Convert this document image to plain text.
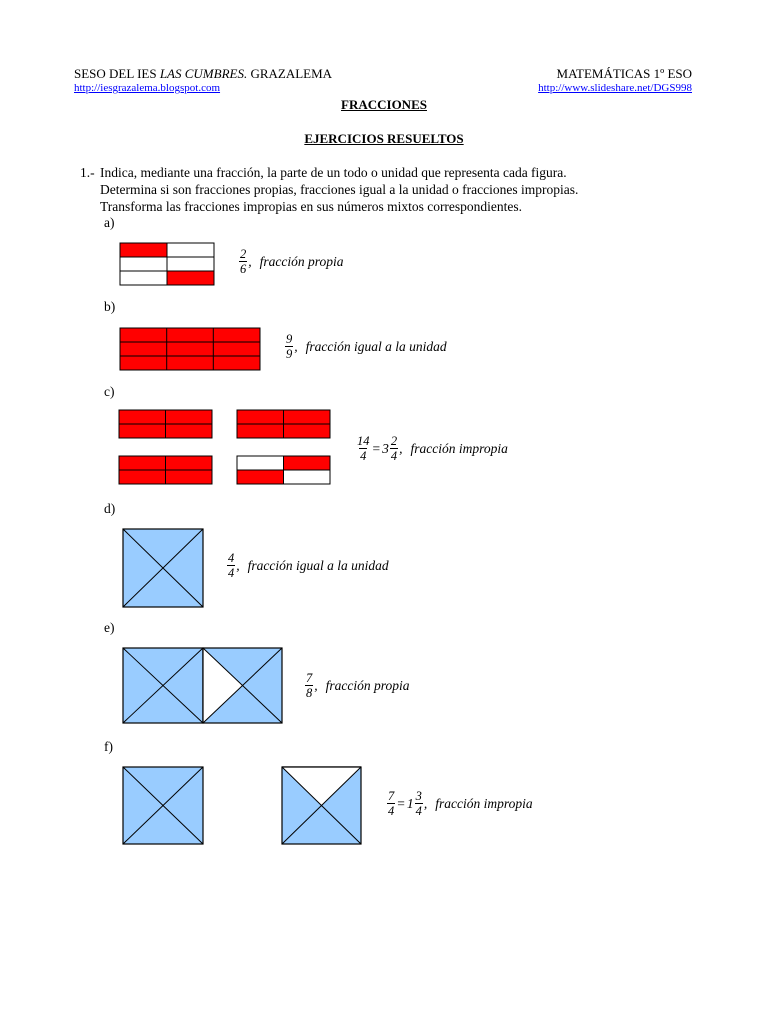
SESO DEL IES LAS CUMBRES. GRAZALEMA	MATEMÁTICAS 1º ESO
http://iesgrazalema.blogspot.com	http://www.slideshare.net/DGS998
FRACCIONES
EJERCICIOS RESUELTOS
1.- Indica, mediante una fracción, la parte de un todo o unidad que representa cada figura.
Determina si son fracciones propias, fracciones igual a la unidad o fracciones impropias.
Transforma las fracciones impropias en sus números mixtos correspondientes.
a)
b)
c)
d)
e)
f)
$\frac{2}{6}$ , fracción propia
$\frac{9}{9}$ , fracción igual a la unidad
$\frac{14}{4} = 3 \frac{2}{4}$ , fracción impropia
$\frac{4}{4}$ , fracción igual a la unidad
$\frac{7}{8}$ , fracción propia
$\frac{7}{4} = 1 \frac{3}{4}$ , fracción impropia
